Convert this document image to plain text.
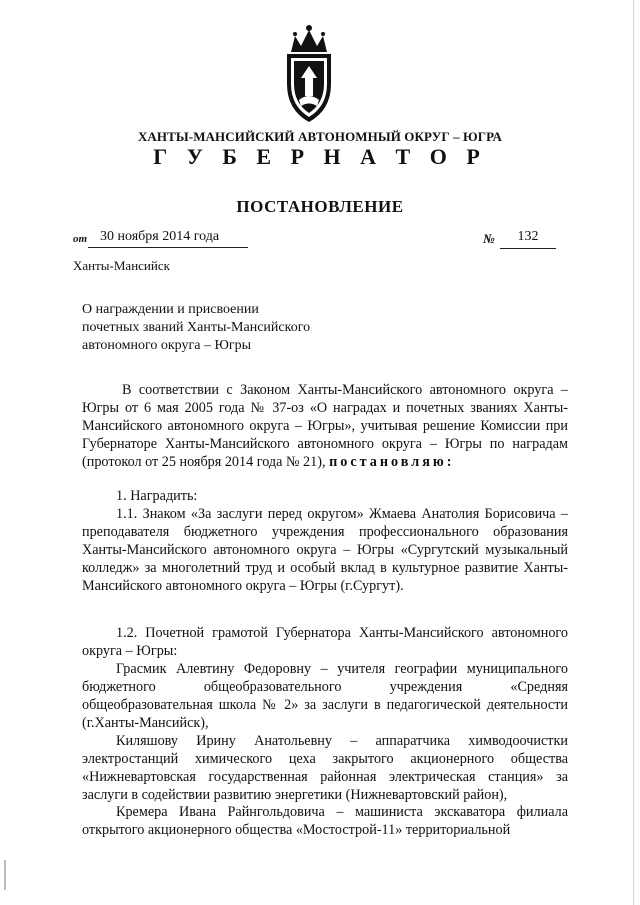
ХАНТЫ-МАНСИЙСКИЙ АВТОНОМНЫЙ ОКРУГ – ЮГРА
Г У Б Е Р Н А Т О Р
ПОСТАНОВЛЕНИЕ
от 30 ноября 2014 года	№	132
Ханты-Мансийск
О награждении и присвоении
почетных званий Ханты-Мансийского
автономного округа – Югры
В соответствии с Законом Ханты-Мансийского автономного округа – Югры от 6 мая 2005 года № 37-оз «О наградах и почетных званиях Ханты-Мансийского автономного округа – Югры», учитывая решение Комиссии при Губернаторе Ханты-Мансийского автономного округа – Югры по наградам (протокол от 25 ноября 2014 года № 21), постановляю:
1. Наградить:
1.1. Знаком «За заслуги перед округом» Жмаева Анатолия Борисовича – преподавателя бюджетного учреждения профессионального образования Ханты-Мансийского автономного округа – Югры «Сургутский музыкальный колледж» за многолетний труд и особый вклад в культурное развитие Ханты-Мансийского автономного округа – Югры (г.Сургут).
1.2. Почетной грамотой Губернатора Ханты-Мансийского автономного округа – Югры:
Грасмик Алевтину Федоровну – учителя географии муниципального бюджетного общеобразовательного учреждения «Средняя общеобразовательная школа № 2» за заслуги в педагогической деятельности (г.Ханты-Мансийск),
Киляшову Ирину Анатольевну – аппаратчика химводоочистки электростанций химического цеха закрытого акционерного общества «Нижневартовская государственная районная электрическая станция» за заслуги в содействии развитию энергетики (Нижневартовский район),
Кремера Ивана Райнгольдовича – машиниста экскаватора филиала открытого акционерного общества «Мостострой-11» территориальной
